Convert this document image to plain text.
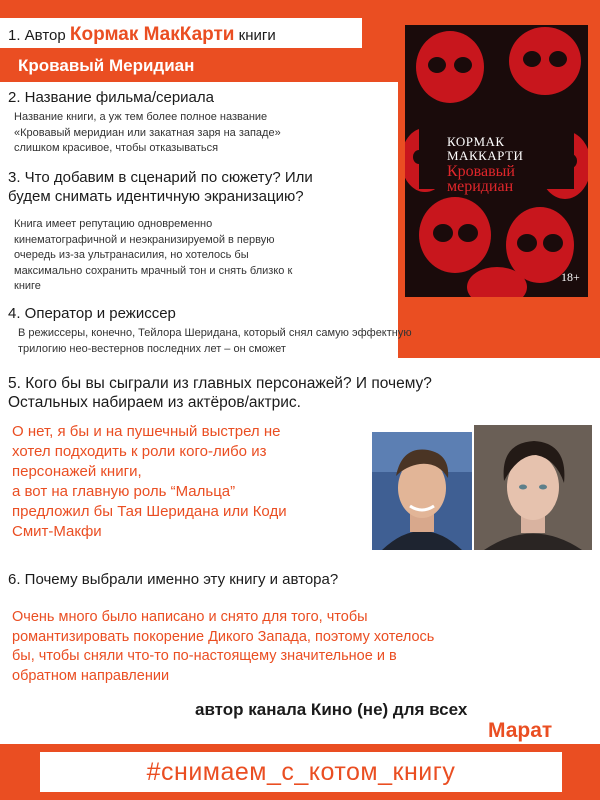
1. Автор Кормак МакКарти книги
Кровавый Меридиан
2. Название фильма/сериала
Название книги, а уж тем более полное название
«Кровавый меридиан или закатная заря на западе»
слишком красивое, чтобы отказываться
3. Что добавим в сценарий по сюжету? Или
будем снимать идентичную экранизацию?
Книга имеет репутацию одновременно
кинематографичной и неэкранизируемой в первую
очередь из-за ультранасилия, но хотелось бы
максимально сохранить мрачный тон и снять близко к
книге
4. Оператор и режиссер
В режиссеры, конечно, Тейлора Шеридана, который снял самую эффектную
трилогию нео-вестернов последних лет – он сможет
КОРМАК
МАККАРТИ
Кровавый
меридиан
18+
5. Кого бы вы сыграли из главных персонажей? И почему?
Остальных набираем из актёров/актрис.
О нет, я бы и на пушечный выстрел не
хотел подходить к роли кого-либо из
персонажей книги,
а вот на главную роль “Мальца”
предложил бы Тая Шеридана или Коди
Смит-Макфи
6. Почему выбрали именно эту книгу и автора?
Очень много было написано и снято для того, чтобы
романтизировать покорение Дикого Запада, поэтому хотелось
бы, чтобы сняли что-то по-настоящему значительное и в
обратном направлении
автор канала Кино (не) для всех
Марат
#снимаем_с_котом_книгу
